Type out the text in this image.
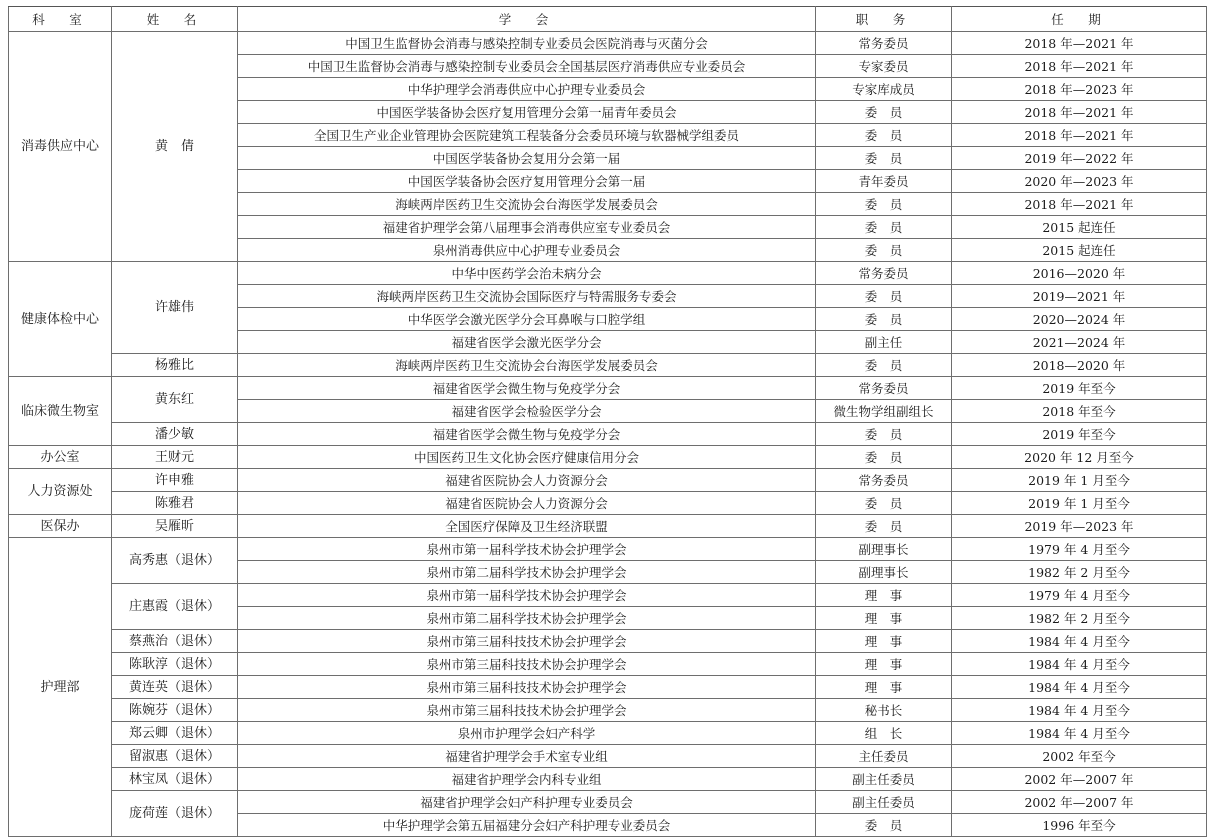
科　室	姓　名	学　会	职　务	任　期
消毒供应中心	黄　倩	中国卫生监督协会消毒与感染控制专业委员会医院消毒与灭菌分会	常务委员	2018 年—2021 年
		中国卫生监督协会消毒与感染控制专业委员会全国基层医疗消毒供应专业委员会	专家委员	2018 年—2021 年
		中华护理学会消毒供应中心护理专业委员会	专家库成员	2018 年—2023 年
		中国医学装备协会医疗复用管理分会第一届青年委员会	委　员	2018 年—2021 年
		全国卫生产业企业管理协会医院建筑工程装备分会委员环境与软器械学组委员	委　员	2018 年—2021 年
		中国医学装备协会复用分会第一届	委　员	2019 年—2022 年
		中国医学装备协会医疗复用管理分会第一届	青年委员	2020 年—2023 年
		海峡两岸医药卫生交流协会台海医学发展委员会	委　员	2018 年—2021 年
		福建省护理学会第八届理事会消毒供应室专业委员会	委　员	2015 起连任
		泉州消毒供应中心护理专业委员会	委　员	2015 起连任
健康体检中心	许雄伟	中华中医药学会治未病分会	常务委员	2016—2020 年
		海峡两岸医药卫生交流协会国际医疗与特需服务专委会	委　员	2019—2021 年
		中华医学会激光医学分会耳鼻喉与口腔学组	委　员	2020—2024 年
		福建省医学会激光医学分会	副主任	2021—2024 年
	杨雅比	海峡两岸医药卫生交流协会台海医学发展委员会	委　员	2018—2020 年
临床微生物室	黄东红	福建省医学会微生物与免疫学分会	常务委员	2019 年至今
		福建省医学会检验医学分会	微生物学组副组长	2018 年至今
	潘少敏	福建省医学会微生物与免疫学分会	委　员	2019 年至今
办公室	王财元	中国医药卫生文化协会医疗健康信用分会	委　员	2020 年 12 月至今
人力资源处	许申雅	福建省医院协会人力资源分会	常务委员	2019 年 1 月至今
	陈雅君	福建省医院协会人力资源分会	委　员	2019 年 1 月至今
医保办	吴雁昕	全国医疗保障及卫生经济联盟	委　员	2019 年—2023 年
护理部	高秀惠（退休）	泉州市第一届科学技术协会护理学会	副理事长	1979 年 4 月至今
		泉州市第二届科学技术协会护理学会	副理事长	1982 年 2 月至今
	庄惠霞（退休）	泉州市第一届科学技术协会护理学会	理　事	1979 年 4 月至今
		泉州市第二届科学技术协会护理学会	理　事	1982 年 2 月至今
	蔡燕治（退休）	泉州市第三届科技技术协会护理学会	理　事	1984 年 4 月至今
	陈耿淳（退休）	泉州市第三届科技技术协会护理学会	理　事	1984 年 4 月至今
	黄连英（退休）	泉州市第三届科技技术协会护理学会	理　事	1984 年 4 月至今
	陈婉芬（退休）	泉州市第三届科技技术协会护理学会	秘书长	1984 年 4 月至今
	郑云卿（退休）	泉州市护理学会妇产科学	组　长	1984 年 4 月至今
	留淑惠（退休）	福建省护理学会手术室专业组	主任委员	2002 年至今
	林宝凤（退休）	福建省护理学会内科专业组	副主任委员	2002 年—2007 年
	庞荷莲（退休）	福建省护理学会妇产科护理专业委员会	副主任委员	2002 年—2007 年
		中华护理学会第五届福建分会妇产科护理专业委员会	委　员	1996 年至今
